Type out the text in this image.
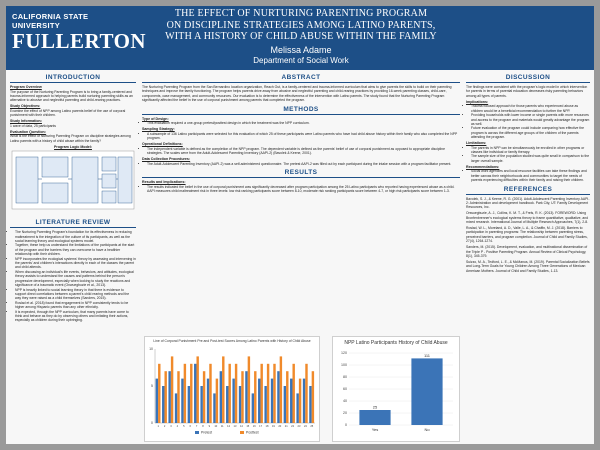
CALIFORNIA STATE UNIVERSITY
FULLERTON
THE EFFECT OF NURTURING PARENTING PROGRAM
ON DISCIPLINE STRATEGIES AMONG LATINO PARENTS,
WITH A HISTORY OF CHILD ABUSE WITHIN THE FAMILY
Melissa Adame
Department of Social Work
INTRODUCTION
Program Overview

The purpose of the Nurturing Parenting Program is to bring a family-centered and trauma-informed approach to helping parents build nurturing parenting skills as an alternative to abusive and neglectful parenting and child-rearing practices.

Study Objectives:

Examine the effect of NPP among Latino parents belief of the use of corporal punishment with their children.

Study Information:

1 wave of data, 25 participants

Evaluation Question:

What is the effect of Nurturing Parenting Program on discipline strategies among Latino parents with a history of child abuse within the family?

Program Logic Model:
LITERATURE REVIEW
• The Nurturing Parenting Program's foundation for its effectiveness in reducing maltreatment is the integration of the culture of its participants, as well as the social learning theory and ecological systems model.
• Together, these help us understand the limitations of the participants at the start of the program and the barriers they can overcome to have a healthier relationship with their children.
• NPP incorporates the ecological systems' theory by assessing and intervening in the parents' and children's interactions directly in each of the classes the parent and child attends.
• When discussing an individual's life events, behaviors, and attitudes, ecological theory assists to understand the causes and patterns behind the person's progressive development, especially when looking to study the reactions and significance of a traumatic event (Onwuegbuzie et al., 2013).
• NPP is heavily linked to social learning theory in that there is evidence to support direct correlations between a parent's child rearing methods and the way they were raised as a child themselves (Sanders, 2015).
• Roslad et al. (2018) found that engagement in NPP consistently tends to be higher among Hispanic parents than any other ethnicity.
• It is expected, through the NPP curriculum, that many parents have come to think and behave as they do by observing others and imitating their actions, especially as children during their upbringing.
ABSTRACT

The Nurturing Parenting Program from the San Bernardino location organization, Reach Out, is a family-centered and trauma-informed curriculum that aims to give parents the skills to build on their parenting techniques and improve the family functioning. The program helps parents drive away from abusive and neglectful parenting and child-rearing practices by providing 16-week parenting classes, child-care, components, case management, and community resources. Our evaluation is to determine the effectiveness of the intervention with Latino parents. The study found that the Nurturing Parenting Program significantly affected the belief in the use of corporal punishment among parents that completed the program.

METHODS
Type of Design:
• This evaluation required a one-group pretest/posttest design in which the treatment was the NPP curriculum.
Sampling Strategy:
• A subsample of 136 Latino participants were selected for this evaluation of which 25 of these participants were Latino parents who have had child abuse history within their family who also completed the NPP program.
Operational Definitions:
• The independent variable is defined as the completion of the NPP program. The dependent variable is defined as the parents' belief of use of corporal punishment as opposed to appropriate discipline strategies. The scales were from the Adult-Adolescent Parenting Inventory (AAPI-2) (Bavolek & Keene, 2001).
Data Collection Procedures:
• The Adult-Adolescent Parenting Inventory (AAPI-2) was a self-administered questionnaire. The pretest AAPI-2 was filled out by each participant during the intake session with a program facilitator present.
RESULTS
Results and Implications:
• The results indicated the belief in the use of corporal punishment was significantly decreased after program participation among the 25 Latino participants who reported having experienced abuse as a child. AAPI measures child maltreatment risk in three levels: low risk ranking participants score between 8-10, moderate risk ranking participants score between 4-7, or high risk participants score between 1-3.
Line of Corporal Punishment Pre and Post-test Scores Among Latino Parents with History of Child Abuse
0
5
10
1 2 3 4 5 6 7 8 9 10 11 12 13 14 15 16 17 18 19 20 21 22 23 24 25
Pretest	Posttest
NPP Latino Participants History of Child Abuse
0
20
40
60
80
100
120
25
Yes
111
No
DISCUSSION

The findings were consistent with the program's logic model in which intervention for parents in terms of parental education decreases risky parenting behaviors among all types of parents.

Implications:
• Trauma focused approach for those parents who experienced abuse as children would be a beneficial recommendation to further the NPP.
• Providing households with lower income or single parents with more resources and access to the program and materials would greatly advantage the program as well.
• Future evaluation of the program could include comparing how effective the program is across the different age groups of the children of the parents attending the program.
Limitations:
• The parents in NPP can be simultaneously be enrolled in other programs or classes like individual or family therapy.
• The sample size of the population studied was quite small in comparison to the larger overall sample.
Recommendations:
• Social work agencies and local resource facilities can take these findings and better canvas their neighborhoods and communities to target the needs of parents experiencing difficulties within their family and raising their children.
REFERENCES

Bavolek, S. J., & Keene, R. G. (2001). Adult-Adolescent Parenting Inventory AAPI-2: Administration and development handbook. Park City, UT: Family Development Resources, Inc.

Onwuegbuzie, A. J., Collins, K. M. T., & Frels, R. K. (2013). FOREWORD: Using Bronfenbrenner's ecological systems theory to frame quantitative, qualitative, and mixed research. International Journal of Multiple Research Approaches, 7(1), 2-8.

Roslad, W. L., Moreland, A. D., Valle, L. A., & Chaffin, M. J. (2018). Barriers to participation in parenting programs: The relationship between parenting stress, perceived barriers, and program completion. Journal of Child and Family Studies, 27(4), 1264-1274.

Sanders, M. (2015). Development, evaluation, and multinational dissemination of the Triple P - Positive Parenting Program. Annual Review of Clinical Psychology, 8(1), 345-379.

Suizzo, M. A., Tedford, L. E., & McManus, M. (2019). Parental Socialization Beliefs and Long-Term Goals for Young Children Among Three Generations of Mexican American Mothers. Journal of Child and Family Studies, 1-13.
